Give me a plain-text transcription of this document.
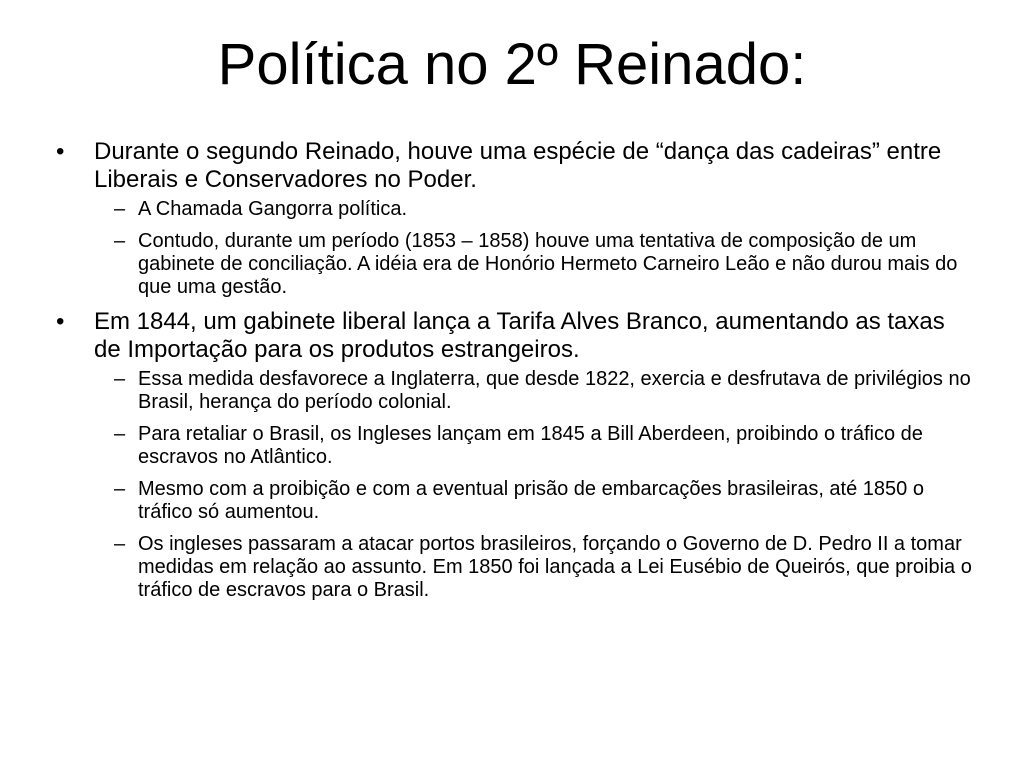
Política no 2º Reinado:
•	Durante o segundo Reinado, houve uma espécie de “dança das cadeiras” entre Liberais e Conservadores no Poder.
– A Chamada Gangorra política.
– Contudo, durante um período (1853 – 1858) houve uma tentativa de composição de um gabinete de conciliação. A idéia era de Honório Hermeto Carneiro Leão e não durou mais do que uma gestão.
•	Em 1844, um gabinete liberal lança a Tarifa Alves Branco, aumentando as taxas de Importação para os produtos estrangeiros.
– Essa medida desfavorece a Inglaterra, que desde 1822, exercia e desfrutava de privilégios no Brasil, herança do período colonial.
– Para retaliar o Brasil, os Ingleses lançam em 1845 a Bill Aberdeen, proibindo o tráfico de escravos no Atlântico.
– Mesmo com a proibição e com a eventual prisão de embarcações brasileiras, até 1850 o tráfico só aumentou.
– Os ingleses passaram a atacar portos brasileiros, forçando o Governo de D. Pedro II a tomar medidas em relação ao assunto. Em 1850 foi lançada a Lei Eusébio de Queirós, que proibia o tráfico de escravos para o Brasil.
